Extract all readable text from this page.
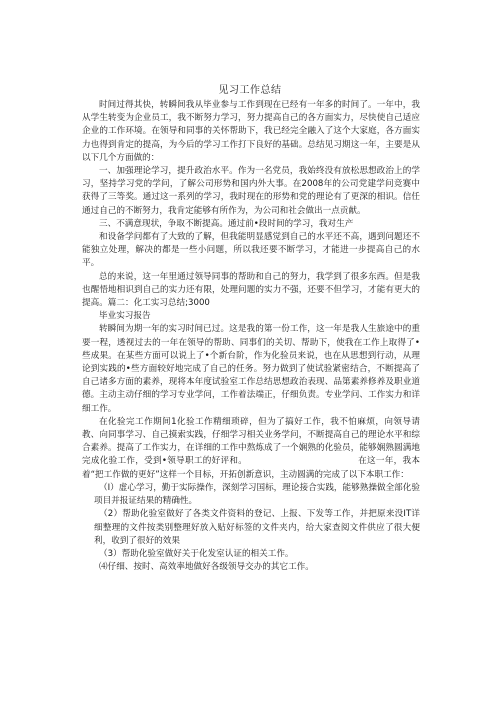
见习工作总结

时间过得其快，转瞬间我从毕业参与工作到现在已经有一年多的时间了。一年中，我从学生转变为企业员工，我不断努力学习，努力提高自己的各方面实力，尽快使自己适应企业的工作环境。在领导和同事的关怀帮助下，我已经完全融入了这个大家庭，各方面实力也得到肯定的提高，为今后的学习工作打下良好的基础。总结见习期这一年，主要是从以下几个方面做的：

一、加强理论学习，提升政治水平。作为一名党员，我始终没有放松思想政治上的学习，坚持学习党的学问，了解公司形势和国内外大事。在2008年的公司党建学问竞赛中获得了三等奖。通过这一系列的学习，我时现在的形势和党的理论有了更深的相识。信任通过自己的不断努力，我肯定能够有所作为，为公司和社会做出一点贡献。

三、不满意现状，争取不断提高。通过前•段时间的学习，我对生产

和设备学问都有了大致的了解，但我能明显感觉到自己的水平还不高，遇到问题还不能独立处理，解决的都是一些小问题，所以我还要不断学习，才能进一步提高自己的水平。

总的来说，这一年里通过领导同事的帮助和自己的努力，我学到了很多东西。但是我也醒悟地相识到自己的实力还有限，处理问题的实力不强，还要不但学习，才能有更大的提高。篇二：化工实习总结;3000

毕业实习报告

转瞬间为期一年的实习时间已过。这是我的第一份工作，这一年是我人生旅途中的重要一程，透视过去的一年在领导的帮助、同事们的关切、帮助下，使我在工作上取得了•些成果。在某些方面可以说上了•个新台阶，作为化验员来说，也在从思想到行动，从理论到实践的•些方面较好地完成了自己的任务。努力做到了使试验紧密结合，不断提高了自己诸多方面的素养，现将本年度试验室工作总结思想政治表现、品第素养修养及职业道德。主动主动仔细的学习专业学问，工作着法端正，仔细负责。专业学问、工作实力和详细工作。

在化验完工作期间1化验工作精细琐碎，但为了搞好工作，我不怕麻烦，向领导请教、向同事学习、自己摸索实践，仔细学习相关业务学问，不断提高自己的理论水平和综合素养。提高了工作实力，在详细的工作中熬炼成了一个娴熟的化验员，能够娴熟圆满地完成化验工作，受到•领导职工的好评和。　　　　　　　　　　　　　在这一年，我本着“把工作做的更好”这样一个目标，开拓创新意识，主动圆满的完成了以下本职工作：

（I）虚心学习，勤于实际操作，深刻学习国标，理论接合实践，能够熟操做全部化验项目并报证结果的精确性。

（2）帮助化验室做好了各类文件资料的登记、上报、下发等工作，并把原来没IT详细整理的文件按类别整理好放入贴好标签的文件夹内，给大家查阅文件供应了很大便利，收到了很好的效果

（3）帮助化验室做好关于化发室认证的相关工作。

⑷仔细、按时、高效率地做好各级领导交办的其它工作。
